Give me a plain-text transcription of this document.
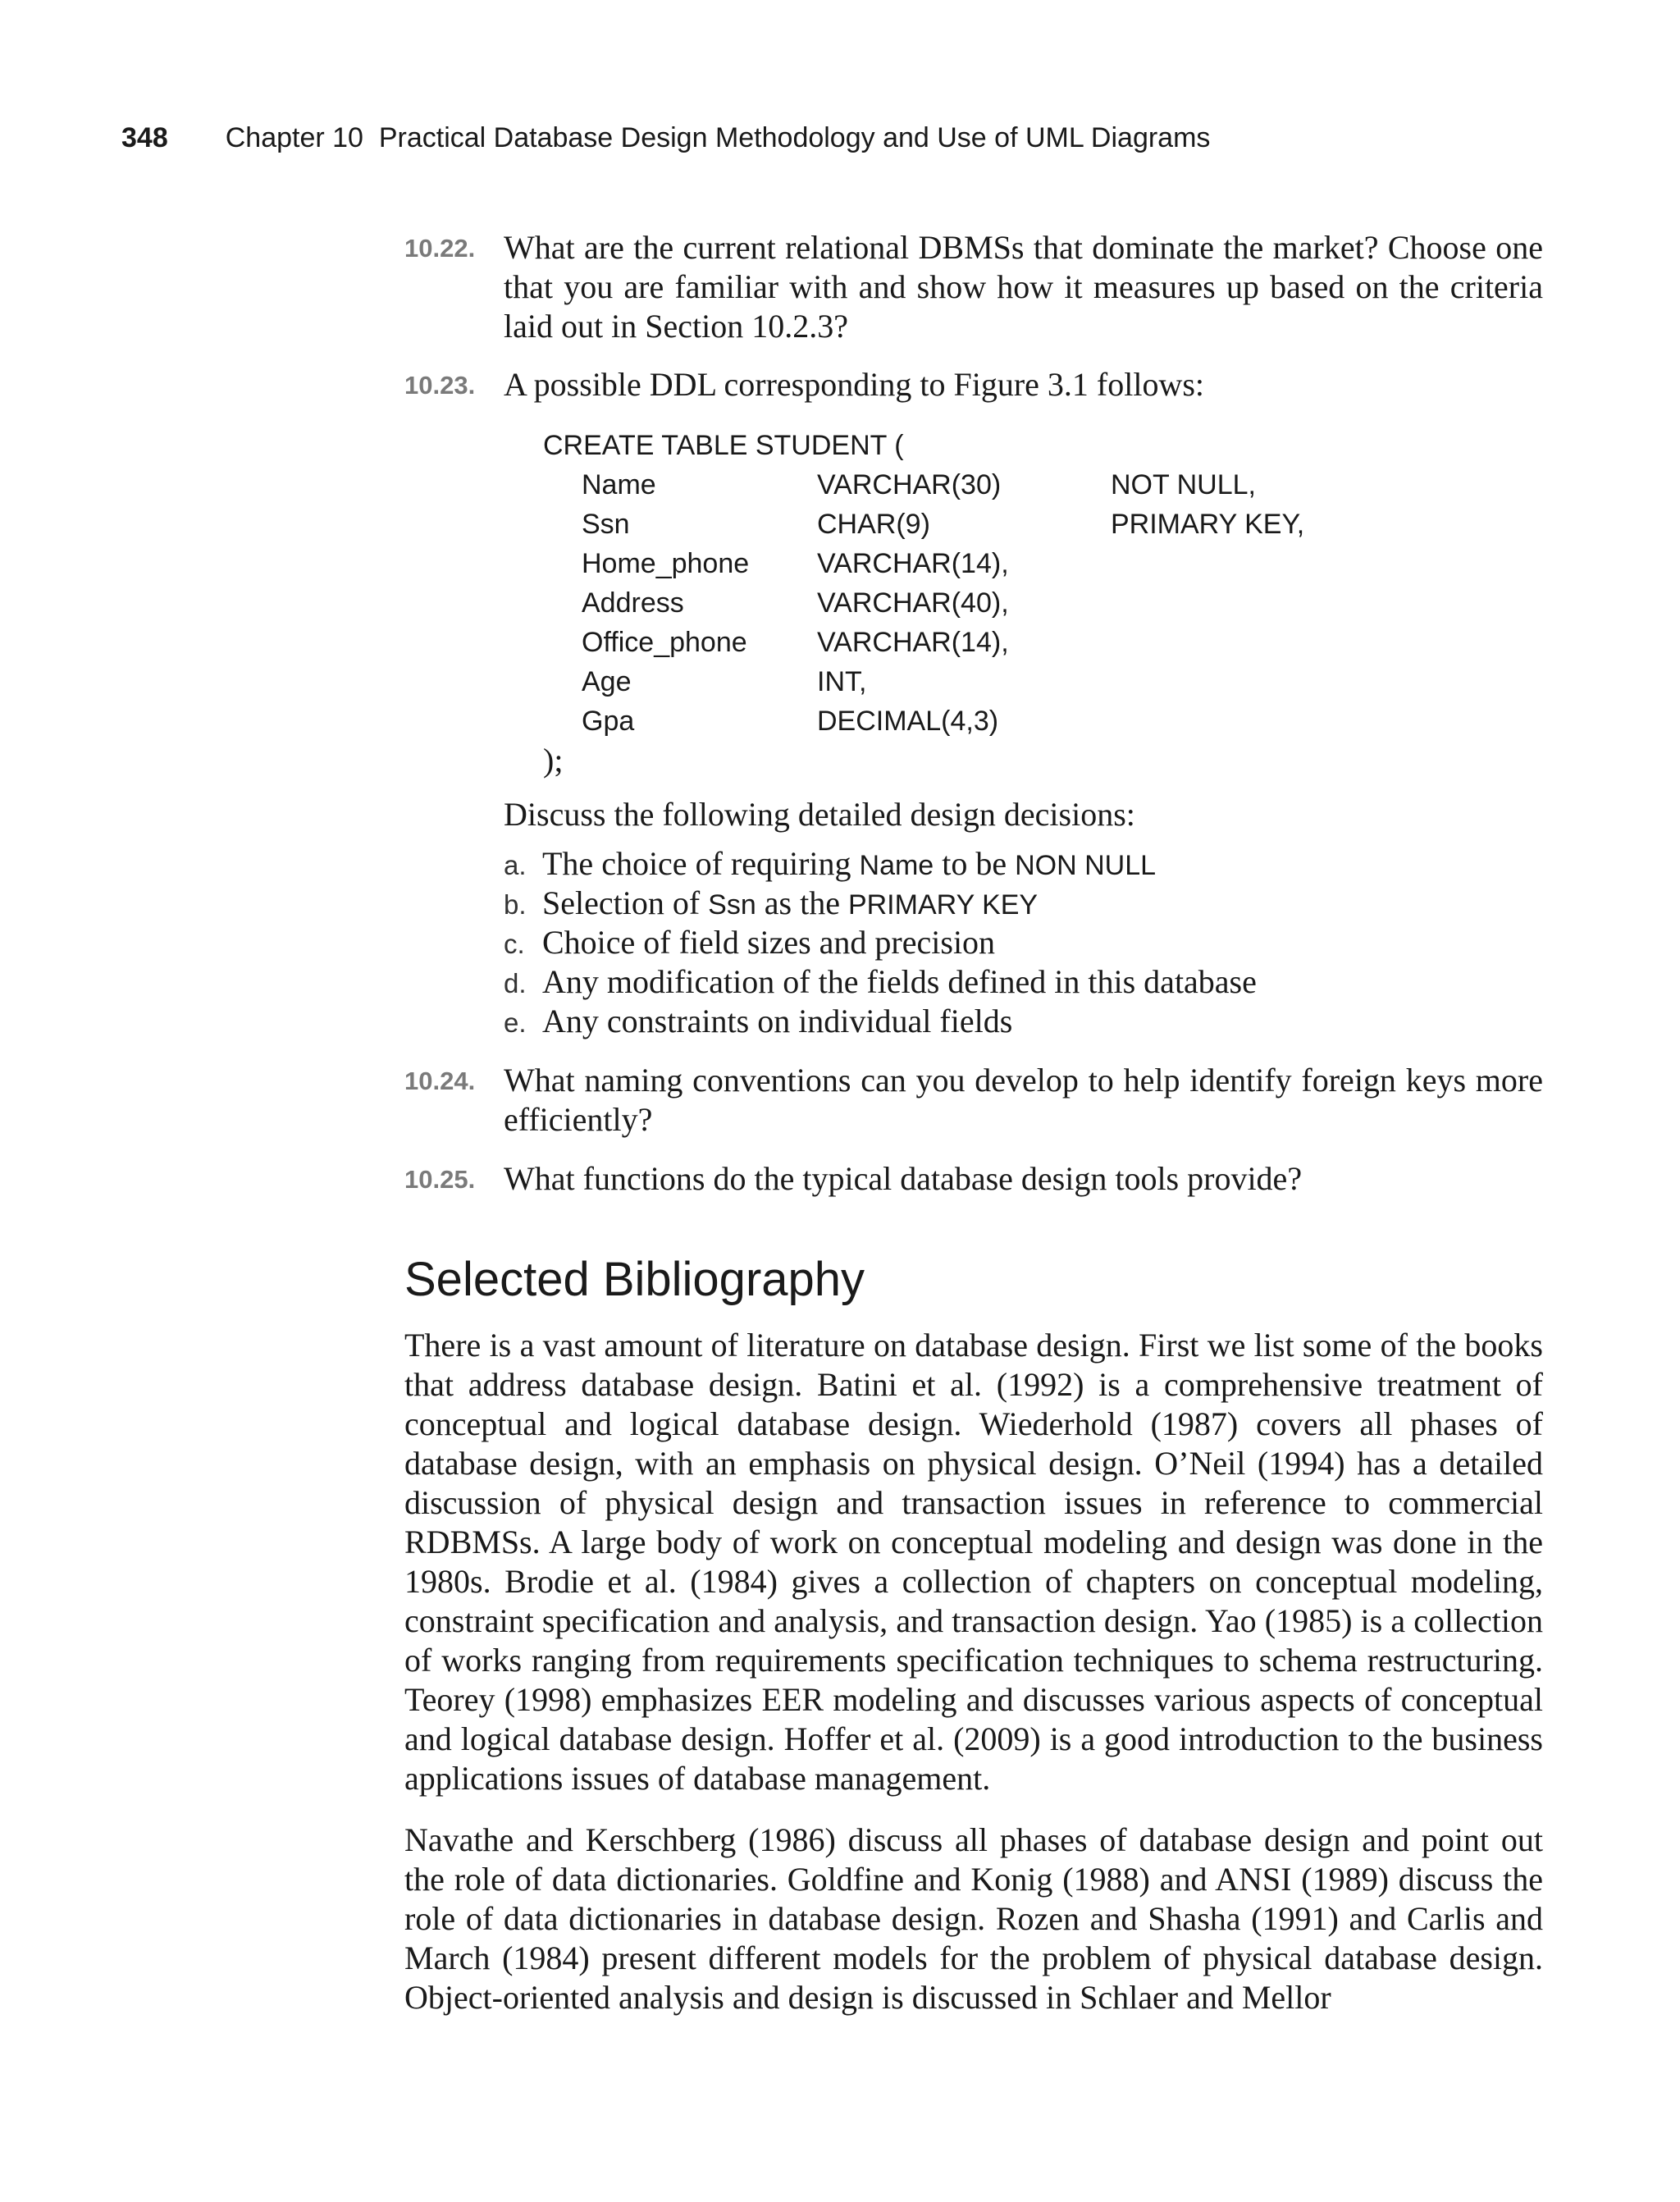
348 Chapter 10  Practical Database Design Methodology and Use of UML Diagrams
10.22. What are the current relational DBMSs that dominate the market? Choose one that you are familiar with and show how it measures up based on the criteria laid out in Section 10.2.3?
10.23. A possible DDL corresponding to Figure 3.1 follows:
CREATE TABLE STUDENT (
Name	VARCHAR(30)	NOT NULL,
Ssn	CHAR(9)	PRIMARY KEY,
Home_phone VARCHAR(14),
Address	VARCHAR(40),
Office_phone	VARCHAR(14),
Age	INT,
Gpa	DECIMAL(4,3)
);
Discuss the following detailed design decisions:
a. The choice of requiring Name to be NON NULL
b. Selection of Ssn as the PRIMARY KEY
c. Choice of field sizes and precision
d. Any modification of the fields defined in this database
e. Any constraints on individual fields
10.24. What naming conventions can you develop to help identify foreign keys more efficiently?
10.25. What functions do the typical database design tools provide?
Selected Bibliography

There is a vast amount of literature on database design. First we list some of the books that address database design. Batini et al. (1992) is a comprehensive treatment of conceptual and logical database design. Wiederhold (1987) covers all phases of database design, with an emphasis on physical design. O’Neil (1994) has a detailed discussion of physical design and transaction issues in reference to commercial RDBMSs. A large body of work on conceptual modeling and design was done in the 1980s. Brodie et al. (1984) gives a collection of chapters on conceptual modeling, constraint specification and analysis, and transaction design. Yao (1985) is a collection of works ranging from requirements specification techniques to schema restructuring. Teorey (1998) emphasizes EER modeling and discusses various aspects of conceptual and logical database design. Hoffer et al. (2009) is a good introduction to the business applications issues of database management.

Navathe and Kerschberg (1986) discuss all phases of database design and point out the role of data dictionaries. Goldfine and Konig (1988) and ANSI (1989) discuss the role of data dictionaries in database design. Rozen and Shasha (1991) and Carlis and March (1984) present different models for the problem of physical database design. Object-oriented analysis and design is discussed in Schlaer and Mellor
